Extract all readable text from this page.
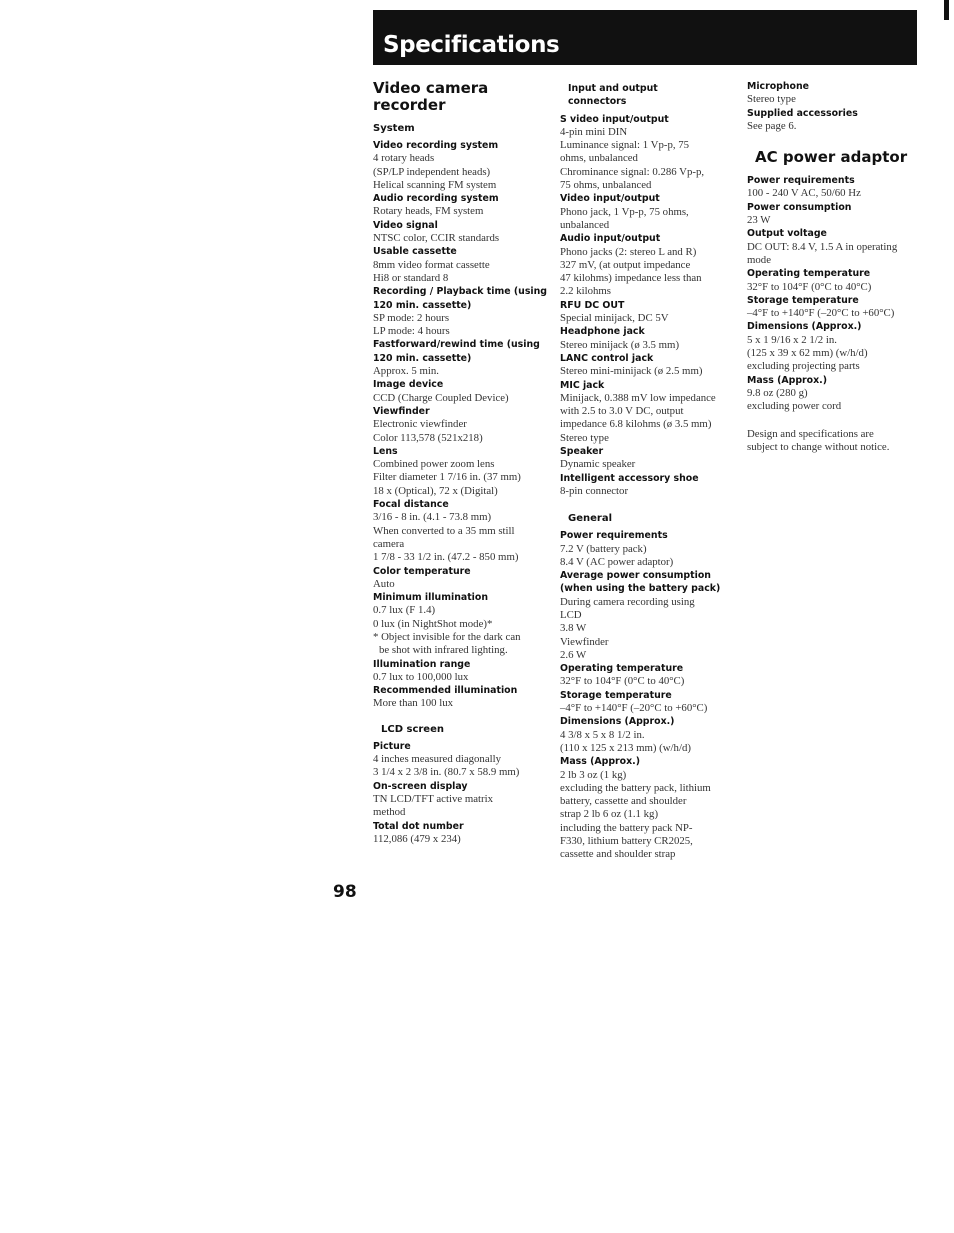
Specifications
Video camera
recorder
System
Video recording system
4 rotary heads
(SP/LP independent heads)
Helical scanning FM system
Audio recording system
Rotary heads, FM system
Video signal
NTSC color, CCIR standards
Usable cassette
8mm video format cassette
Hi8 or standard 8
Recording / Playback time (using
120 min. cassette)
SP mode: 2 hours
LP mode: 4 hours
Fastforward/rewind time (using
120 min. cassette)
Approx. 5 min.
Image device
CCD (Charge Coupled Device)
Viewfinder
Electronic viewfinder
Color 113,578 (521x218)
Lens
Combined power zoom lens
Filter diameter 1 7/16 in. (37 mm)
18 x (Optical), 72 x (Digital)
Focal distance
3/16 - 8 in. (4.1 - 73.8 mm)
When converted to a 35 mm still
camera
1 7/8 - 33 1/2 in. (47.2 - 850 mm)
Color temperature
Auto
Minimum illumination
0.7 lux (F 1.4)
0 lux (in NightShot mode)*
* Object invisible for the dark can
be shot with infrared lighting.
Illumination range
0.7 lux to 100,000 lux
Recommended illumination
More than 100 lux
LCD screen
Picture
4 inches measured diagonally
3 1/4 x 2 3/8 in. (80.7 x 58.9 mm)
On-screen display
TN LCD/TFT active matrix
method
Total dot number
112,086 (479 x 234)
Input and output
connectors
S video input/output
4-pin mini DIN
Luminance signal: 1 Vp-p, 75
ohms, unbalanced
Chrominance signal: 0.286 Vp-p,
75 ohms, unbalanced
Video input/output
Phono jack, 1 Vp-p, 75 ohms,
unbalanced
Audio input/output
Phono jacks (2: stereo L and R)
327 mV, (at output impedance
47 kilohms) impedance less than
2.2 kilohms
RFU DC OUT
Special minijack, DC 5V
Headphone jack
Stereo minijack (ø 3.5 mm)
LANC control jack
Stereo mini-minijack (ø 2.5 mm)
MIC jack
Minijack, 0.388 mV low impedance
with 2.5 to 3.0 V DC, output
impedance 6.8 kilohms (ø 3.5 mm)
Stereo type
Speaker
Dynamic speaker
Intelligent accessory shoe
8-pin connector
General
Power requirements
7.2 V (battery pack)
8.4 V (AC power adaptor)
Average power consumption
(when using the battery pack)
During camera recording using
LCD
3.8 W
Viewfinder
2.6 W
Operating temperature
32°F to 104°F (0°C to 40°C)
Storage temperature
–4°F to +140°F (–20°C to +60°C)
Dimensions (Approx.)
4 3/8 x 5 x 8 1/2 in.
(110 x 125 x 213 mm) (w/h/d)
Mass (Approx.)
2 lb 3 oz (1 kg)
excluding the battery pack, lithium
battery, cassette and shoulder
strap 2 lb 6 oz (1.1 kg)
including the battery pack NP-
F330, lithium battery CR2025,
cassette and shoulder strap
Microphone
Stereo type
Supplied accessories
See page 6.
AC power adaptor
Power requirements
100 - 240 V AC, 50/60 Hz
Power consumption
23 W
Output voltage
DC OUT: 8.4 V, 1.5 A in operating
mode
Operating temperature
32°F to 104°F (0°C to 40°C)
Storage temperature
–4°F to +140°F (–20°C to +60°C)
Dimensions (Approx.)
5 x 1 9/16 x 2 1/2 in.
(125 x 39 x 62 mm) (w/h/d)
excluding projecting parts
Mass (Approx.)
9.8 oz (280 g)
excluding power cord
Design and specifications are
subject to change without notice.
98
